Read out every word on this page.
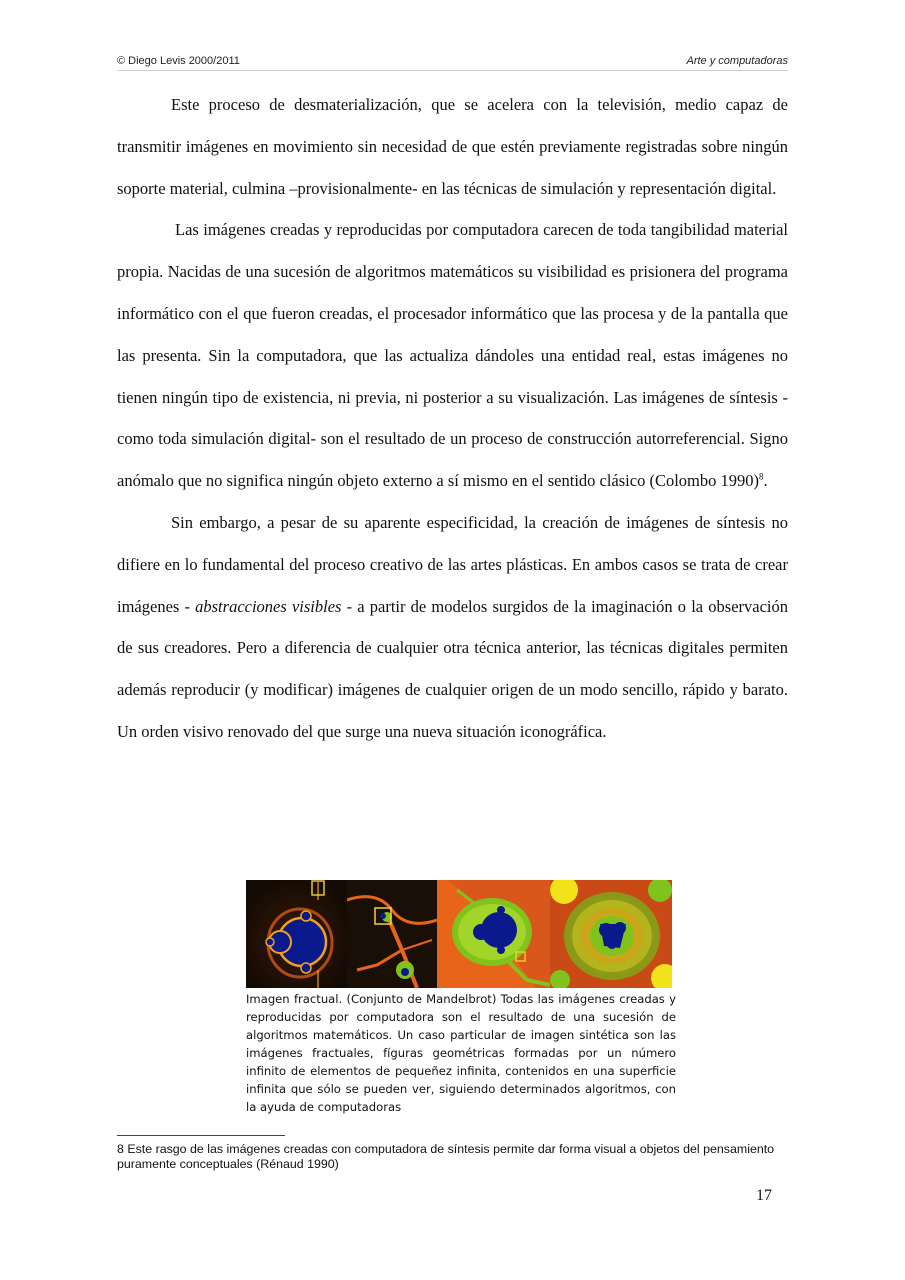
© Diego Levis 2000/2011	Arte y computadoras

Este proceso de desmaterialización, que se acelera con la televisión, medio capaz de transmitir imágenes en movimiento sin necesidad de que estén previamente registradas sobre ningún soporte material, culmina –provisionalmente- en las técnicas de simulación y representación digital.

Las imágenes creadas y reproducidas por computadora carecen de toda tangibilidad material propia. Nacidas de una sucesión de algoritmos matemáticos su visibilidad es prisionera del programa informático con el que fueron creadas, el procesador informático que las procesa y de la pantalla que las presenta. Sin la computadora, que las actualiza dándoles una entidad real, estas imágenes no tienen ningún tipo de existencia, ni previa, ni posterior a su visualización. Las imágenes de síntesis - como toda simulación digital- son el resultado de un proceso de construcción autorreferencial. Signo anómalo que no significa ningún objeto externo a sí mismo en el sentido clásico (Colombo 1990)$^8$.

Sin embargo, a pesar de su aparente especificidad, la creación de imágenes de síntesis no difiere en lo fundamental del proceso creativo de las artes plásticas. En ambos casos se trata de crear imágenes - abstracciones visibles - a partir de modelos surgidos de la imaginación o la observación de sus creadores. Pero a diferencia de cualquier otra técnica anterior, las técnicas digitales permiten además reproducir (y modificar) imágenes de cualquier origen de un modo sencillo, rápido y barato. Un orden visivo renovado del que surge una nueva situación iconográfica.

Imagen fractual. (Conjunto de Mandelbrot) Todas las imágenes creadas y reproducidas por computadora son el resultado de una sucesión de algoritmos matemáticos. Un caso particular de imagen sintética son las imágenes fractuales, fíguras geométricas formadas por un número infinito de elementos de pequeñez infinita, contenidos en una superficie infinita que sólo se pueden ver, siguiendo determinados algoritmos, con la ayuda de computadoras
8 Este rasgo de las imágenes creadas con computadora de síntesis permite dar forma visual a objetos del pensamiento puramente conceptuales (Rénaud 1990)
17
